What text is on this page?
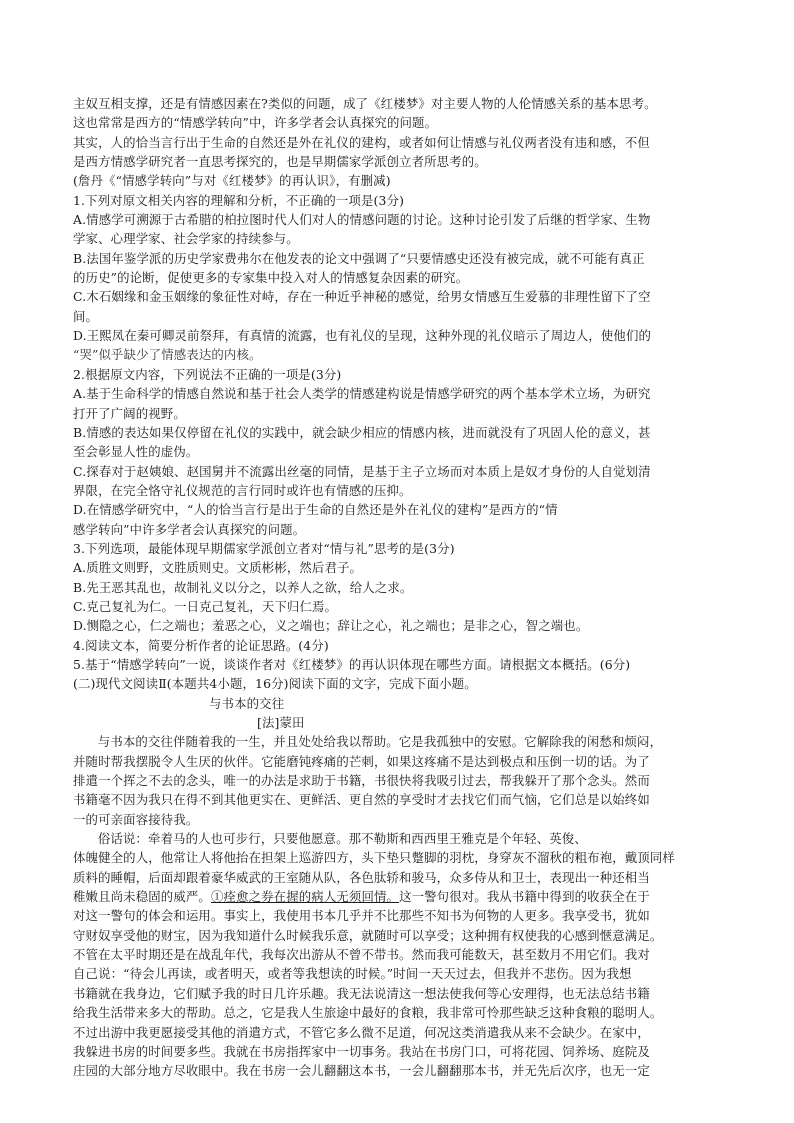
主奴互相支撑，还是有情感因素在?类似的问题，成了《红楼梦》对主要人物的人伦情感关系的基本思考。
这也常常是西方的“情感学转向”中，许多学者会认真探究的问题。
其实，人的恰当言行出于生命的自然还是外在礼仪的建构，或者如何让情感与礼仪两者没有违和感，不但
是西方情感学研究者一直思考探究的，也是早期儒家学派创立者所思考的。
(詹丹《“情感学转向”与对《红楼梦》的再认识》，有删减)
1.下列对原文相关内容的理解和分析，不正确的一项是(3分)
A.情感学可溯源于古希腊的柏拉图时代人们对人的情感问题的讨论。这种讨论引发了后继的哲学家、生物
学家、心理学家、社会学家的持续参与。
B.法国年鉴学派的历史学家费弗尔在他发表的论文中强调了“只要情感史还没有被完成，就不可能有真正
的历史”的论断，促使更多的专家集中投入对人的情感复杂因素的研究。
C.木石姻缘和金玉姻缘的象征性对峙，存在一种近乎神秘的感觉，给男女情感互生爱慕的非理性留下了空
间。
D.王熙凤在秦可卿灵前祭拜，有真情的流露，也有礼仪的呈现，这种外现的礼仪暗示了周边人，使他们的
“哭”似乎缺少了情感表达的内核。
2.根据原文内容，下列说法不正确的一项是(3分)
A.基于生命科学的情感自然说和基于社会人类学的情感建构说是情感学研究的两个基本学术立场，为研究
打开了广阔的视野。
B.情感的表达如果仅停留在礼仪的实践中，就会缺少相应的情感内核，进而就没有了巩固人伦的意义，甚
至会彰显人性的虚伪。
C.探春对于赵姨娘、赵国舅并不流露出丝毫的同情，是基于主子立场而对本质上是奴才身份的人自觉划清
界限，在完全恪守礼仪规范的言行同时或许也有情感的压抑。
D.在情感学研究中，“人的恰当言行是出于生命的自然还是外在礼仪的建构”是西方的“情
感学转向”中许多学者会认真探究的问题。
3.下列选项，最能体现早期儒家学派创立者对“情与礼”思考的是(3分)
A.质胜文则野，文胜质则史。文质彬彬，然后君子。
B.先王恶其乱也，故制礼义以分之，以养人之欲，给人之求。
C.克己复礼为仁。一日克己复礼，天下归仁焉。
D.恻隐之心，仁之端也；羞恶之心，义之端也；辞让之心，礼之端也；是非之心，智之端也。
4.阅读文本，简要分析作者的论证思路。(4分)
5.基于“情感学转向”一说，谈谈作者对《红楼梦》的再认识体现在哪些方面。请根据文本概括。(6分)
(二)现代文阅读Ⅱ(本题共4小题，16分)阅读下面的文字，完成下面小题。
与书本的交往
[法]蒙田
与书本的交往伴随着我的一生，并且处处给我以帮助。它是我孤独中的安慰。它解除我的闲愁和烦闷，
并随时帮我摆脱令人生厌的伙伴。它能磨钝疼痛的芒刺，如果这疼痛不是达到极点和压倒一切的话。为了
排遣一个挥之不去的念头，唯一的办法是求助于书籍，书很快将我吸引过去，帮我躲开了那个念头。然而
书籍毫不因为我只在得不到其他更实在、更鲜活、更自然的享受时才去找它们而气恼，它们总是以始终如
一的可亲面容接待我。
俗话说：牵着马的人也可步行，只要他愿意。那不勒斯和西西里王雅克是个年轻、英俊、
体魄健全的人，他常让人将他抬在担架上巡游四方，头下垫只蹩脚的羽枕，身穿灰不溜秋的粗布袍，戴顶同样
质料的睡帽，后面却跟着豪华威武的王室随从队，各色肽轿和骏马，众多侍从和卫士，表现出一种还相当
稚嫩且尚未稳固的威严。①痊愈之券在握的病人无须回情。这一警句很对。我从书籍中得到的收获全在于
对这一警句的体会和运用。事实上，我使用书本几乎并不比那些不知书为何物的人更多。我享受书，犹如
守财奴享受他的财宝，因为我知道什么时候我乐意，就随时可以享受；这种拥有权使我的心感到惬意满足。
不管在太平时期还是在战乱年代，我每次出游从不曾不带书。然而我可能数天，甚至数月不用它们。我对
自己说：“待会儿再读，或者明天，或者等我想读的时候。”时间一天天过去，但我并不悲伤。因为我想
书籍就在我身边，它们赋予我的时日几许乐趣。我无法说清这一想法使我何等心安理得，也无法总结书籍
给我生活带来多大的帮助。总之，它是我人生旅途中最好的食粮，我非常可怜那些缺乏这种食粮的聪明人。
不过出游中我更愿接受其他的消遣方式，不管它多么微不足道，何况这类消遣我从来不会缺少。在家中，
我躲进书房的时间要多些。我就在书房指挥家中一切事务。我站在书房门口，可将花园、饲养场、庭院及
庄园的大部分地方尽收眼中。我在书房一会儿翻翻这本书，一会儿翻翻那本书，并无先后次序，也无一定
